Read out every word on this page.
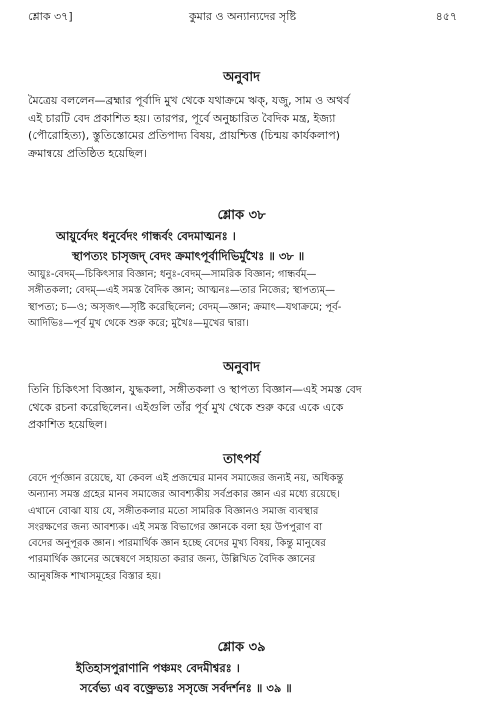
শ্লোক ৩৭]	কুমার ও অন্যান্যদের সৃষ্টি	৪৫৭
অনুবাদ
মৈত্রেয় বললেন—ব্রহ্মার পূর্বাদি মুখ থেকে যথাক্রমে ঋক্, যজু, সাম ও অথর্ব
এই চারটি বেদ প্রকাশিত হয়। তারপর, পূর্বে অনুচ্চারিত বৈদিক মন্ত্র, ইজ্যা
(পৌরোহিত্য), স্তুতিস্তোমের প্রতিপাদ্য বিষয়, প্রায়শ্চিত্ত (চিন্ময় কার্যকলাপ)
ক্রমান্বয়ে প্রতিষ্ঠিত হয়েছিল।
শ্লোক ৩৮
আয়ুর্বেদং ধনুর্বেদং গান্ধর্বং বেদমাত্মনঃ ।
স্থাপত্যং চাসৃজদ্ বেদং ক্রমাৎপূর্বাদিভির্মুখৈঃ ॥ ৩৮ ॥
আয়ুঃ-বেদম্—চিকিৎসার বিজ্ঞান; ধনুঃ-বেদম্—সামরিক বিজ্ঞান; গান্ধর্বম্—
সঙ্গীতকলা; বেদম্—এই সমস্ত বৈদিক জ্ঞান; আত্মনঃ—তার নিজের; স্থাপত্যম্—
স্থাপত্য; চ—ও; অসৃজৎ—সৃষ্টি করেছিলেন; বেদম্—জ্ঞান; ক্রমাৎ—যথাক্রমে; পূর্ব-
আদিভিঃ—পূর্ব মুখ থেকে শুরু করে; মুখৈঃ—মুখের দ্বারা।
অনুবাদ
তিনি চিকিৎসা বিজ্ঞান, যুদ্ধকলা, সঙ্গীতকলা ও স্থাপত্য বিজ্ঞান—এই সমস্ত বেদ
থেকে রচনা করেছিলেন। এইগুলি তাঁর পূর্ব মুখ থেকে শুরু করে একে একে
প্রকাশিত হয়েছিল।
তাৎপর্য
বেদে পূর্ণজ্ঞান রয়েছে, যা কেবল এই প্রজন্মের মানব সমাজের জন্যই নয়, অধিকন্তু
অন্যান্য সমস্ত গ্রহের মানব সমাজের আবশ্যকীয় সর্বপ্রকার জ্ঞান এর মধ্যে রয়েছে।
এখানে বোঝা যায় যে, সঙ্গীতকলার মতো সামরিক বিজ্ঞানও সমাজ ব্যবস্থার
সংরক্ষণের জন্য আবশ্যক। এই সমস্ত বিভাগের জ্ঞানকে বলা হয় উপপুরাণ বা
বেদের অনুপূরক জ্ঞান। পারমার্থিক জ্ঞান হচ্ছে বেদের মুখ্য বিষয়, কিন্তু মানুষের
পারমার্থিক জ্ঞানের অন্বেষণে সহায়তা করার জন্য, উল্লিখিত বৈদিক জ্ঞানের
আনুষঙ্গিক শাখাসমূহের বিস্তার হয়।
শ্লোক ৩৯
ইতিহাসপুরাণানি পঞ্চমং বেদমীশ্বরঃ ।
সর্বেভ্য এব বক্ত্রেভ্যঃ সসৃজে সর্বদর্শনঃ ॥ ৩৯ ॥
